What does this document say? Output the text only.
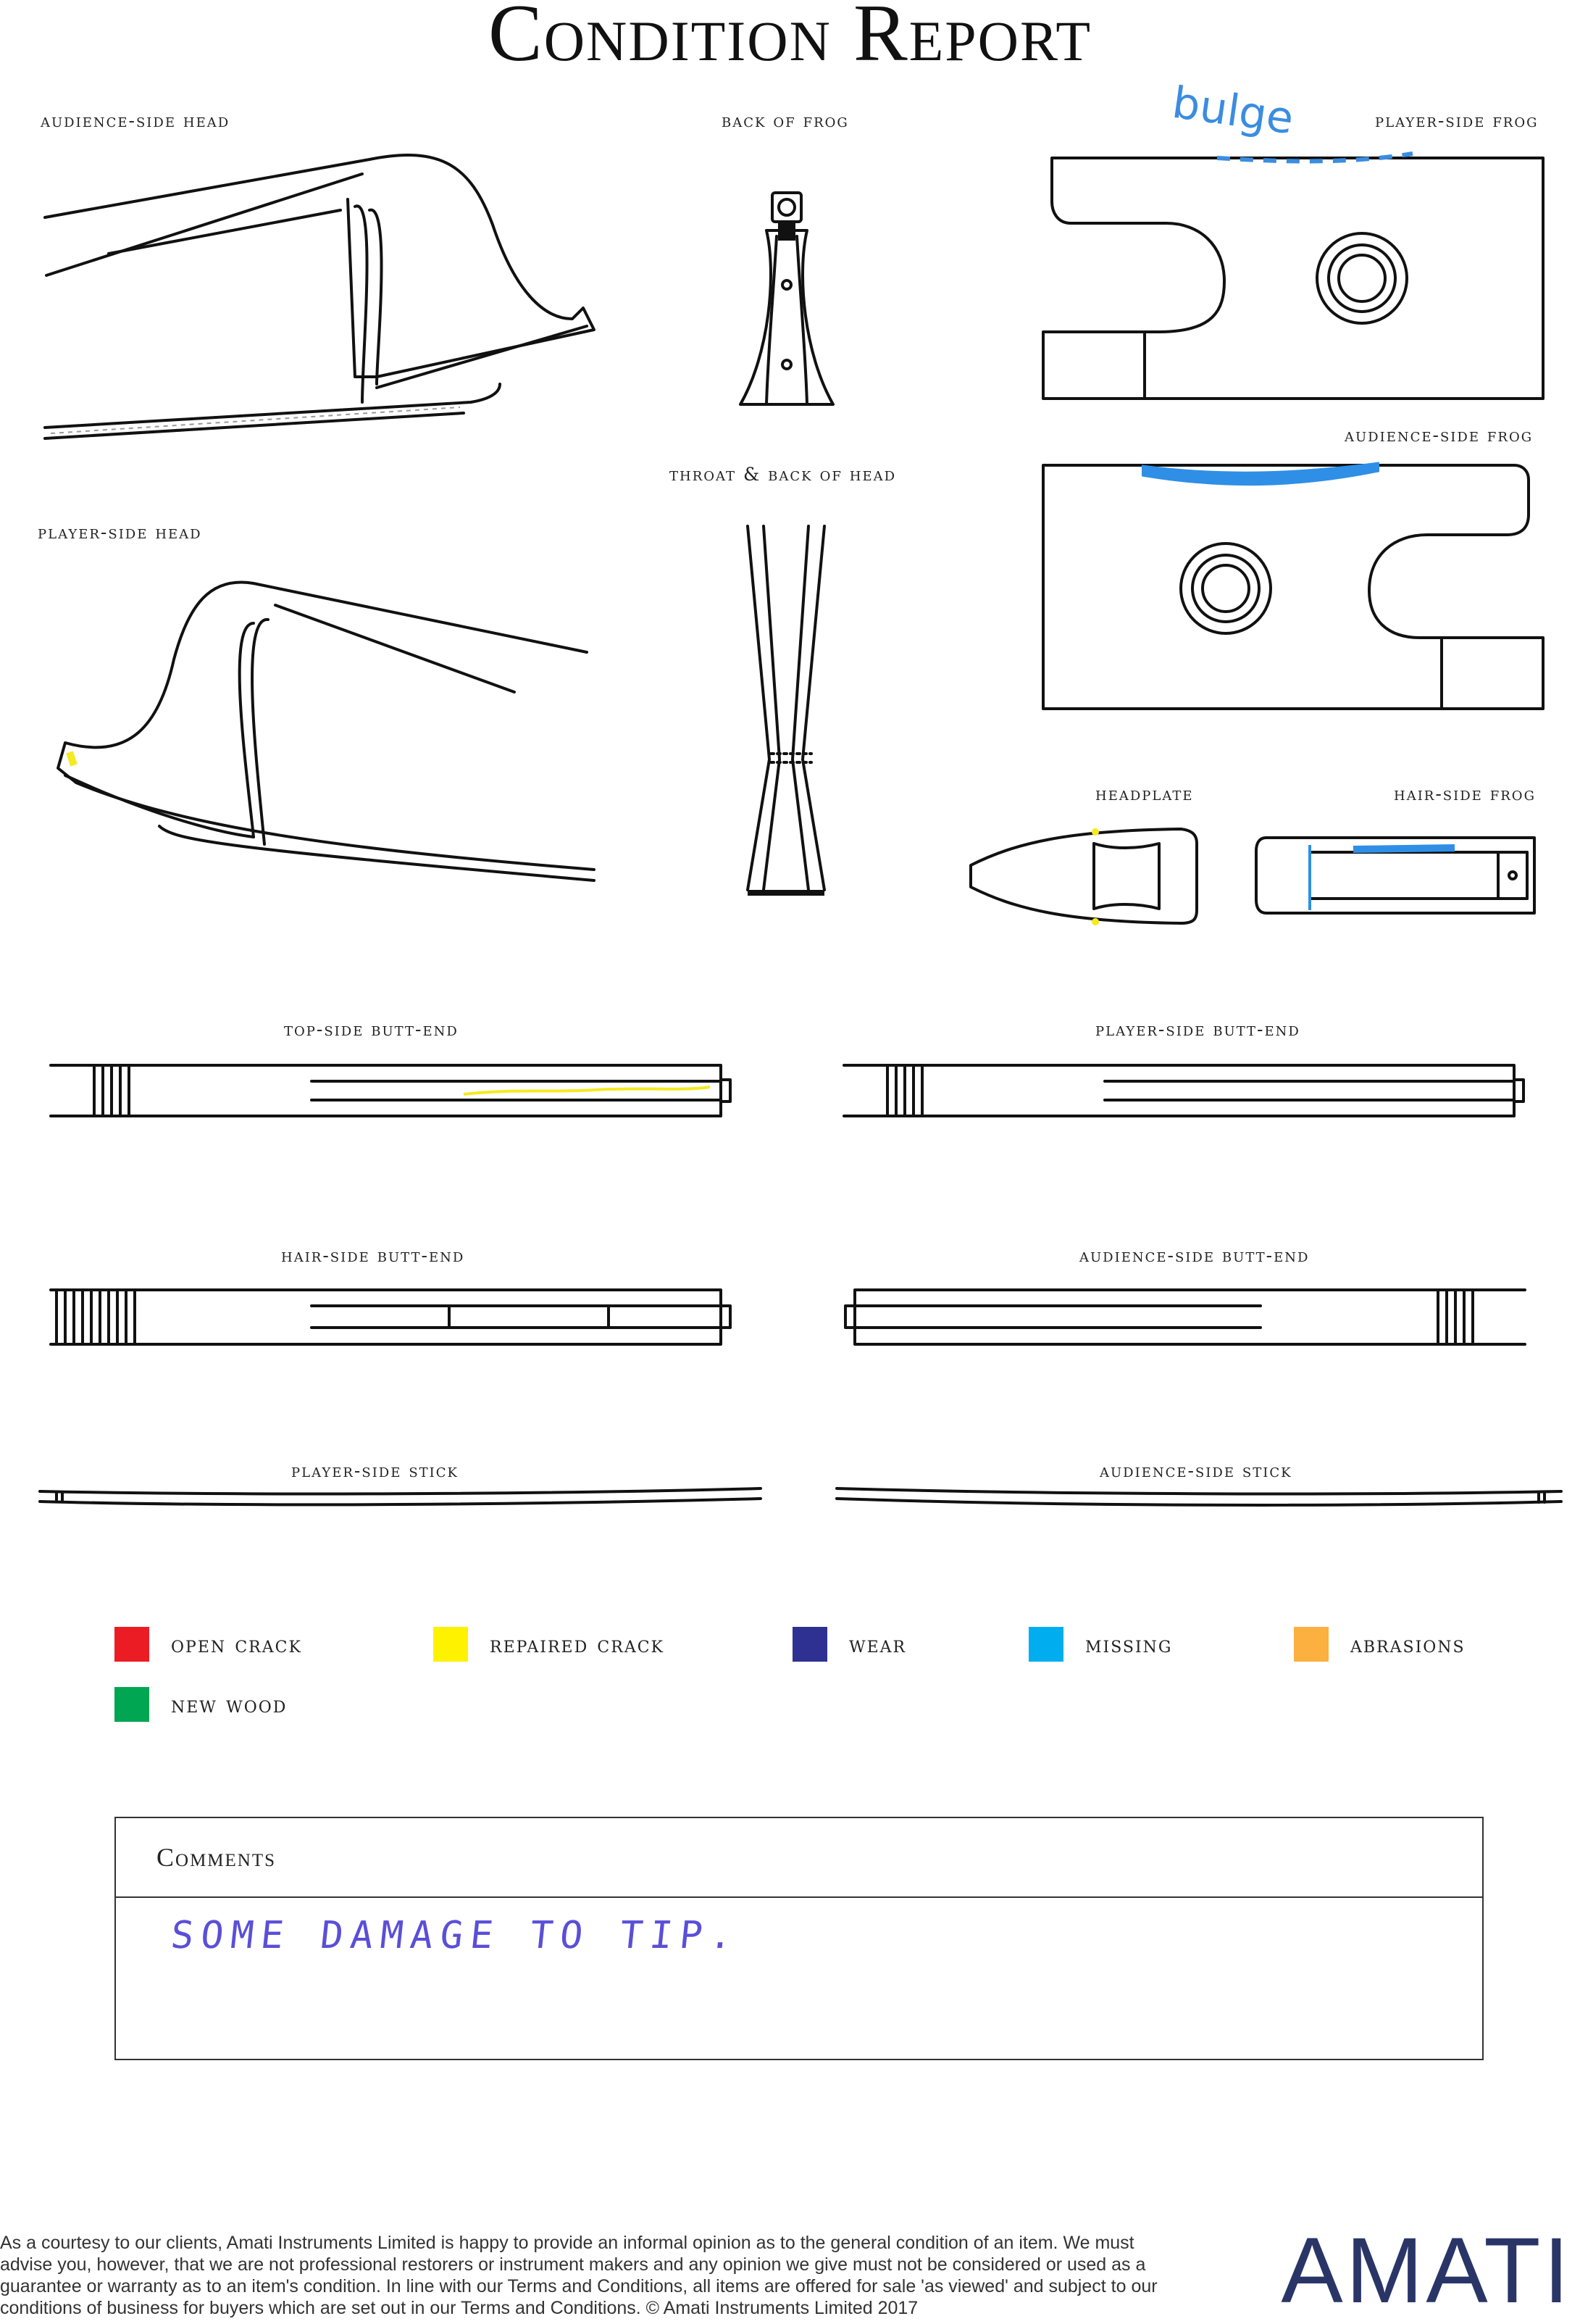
Condition Report
audience-side head	back of frog	player-side frog
throat & back of head
audience-side frog
player-side head
headplate	hair-side frog
top-side butt-end	player-side butt-end
hair-side butt-end	audience-side butt-end
player-side stick	audience-side stick
bulge
open crack	repaired crack	wear	missing	abrasions
new wood
Comments
SOME DAMAGE TO TIP.
As a courtesy to our clients, Amati Instruments Limited is happy to provide an informal opinion as to the general condition of an item. We must advise you, however, that we are not professional restorers or instrument makers and any opinion we give must not be considered or used as a guarantee or warranty as to an item's condition. In line with our Terms and Conditions, all items are offered for sale 'as viewed' and subject to our conditions of business for buyers which are set out in our Terms and Conditions. © Amati Instruments Limited 2017	AMATI
